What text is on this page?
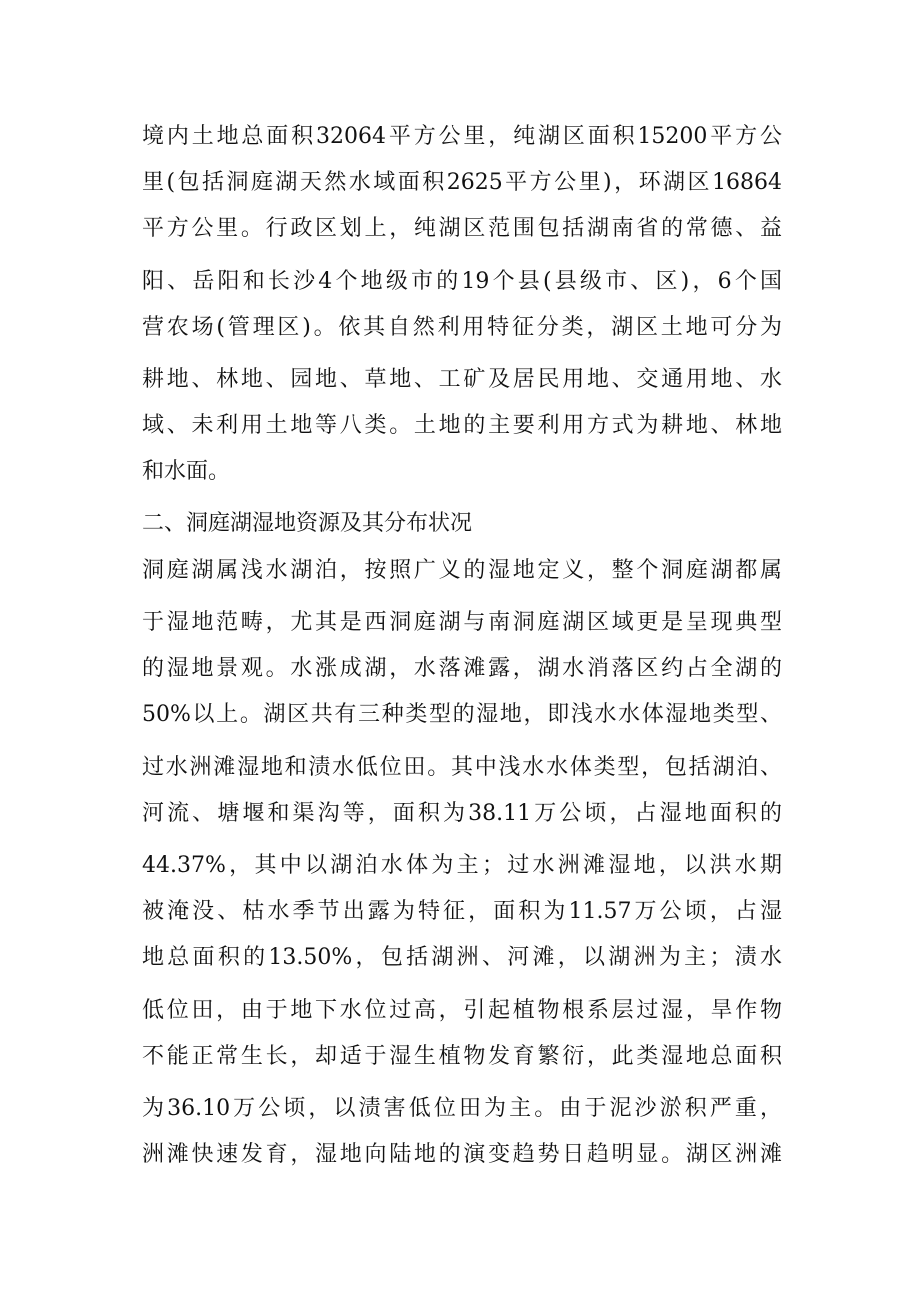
境内土地总面积32064平方公里，纯湖区面积15200平方公
里(包括洞庭湖天然水域面积2625平方公里)，环湖区16864
平方公里。行政区划上，纯湖区范围包括湖南省的常德、益
阳、岳阳和长沙4个地级市的19个县(县级市、区)，6个国
营农场(管理区)。依其自然利用特征分类，湖区土地可分为
耕地、林地、园地、草地、工矿及居民用地、交通用地、水
域、未利用土地等八类。土地的主要利用方式为耕地、林地
和水面。
二、洞庭湖湿地资源及其分布状况
洞庭湖属浅水湖泊，按照广义的湿地定义，整个洞庭湖都属
于湿地范畴，尤其是西洞庭湖与南洞庭湖区域更是呈现典型
的湿地景观。水涨成湖，水落滩露，湖水消落区约占全湖的
50%以上。湖区共有三种类型的湿地，即浅水水体湿地类型、
过水洲滩湿地和渍水低位田。其中浅水水体类型，包括湖泊、
河流、塘堰和渠沟等，面积为38.11万公顷，占湿地面积的
44.37%，其中以湖泊水体为主；过水洲滩湿地，以洪水期
被淹没、枯水季节出露为特征，面积为11.57万公顷，占湿
地总面积的13.50%，包括湖洲、河滩，以湖洲为主；渍水
低位田，由于地下水位过高，引起植物根系层过湿，旱作物
不能正常生长，却适于湿生植物发育繁衍，此类湿地总面积
为36.10万公顷，以渍害低位田为主。由于泥沙淤积严重，
洲滩快速发育，湿地向陆地的演变趋势日趋明显。湖区洲滩
